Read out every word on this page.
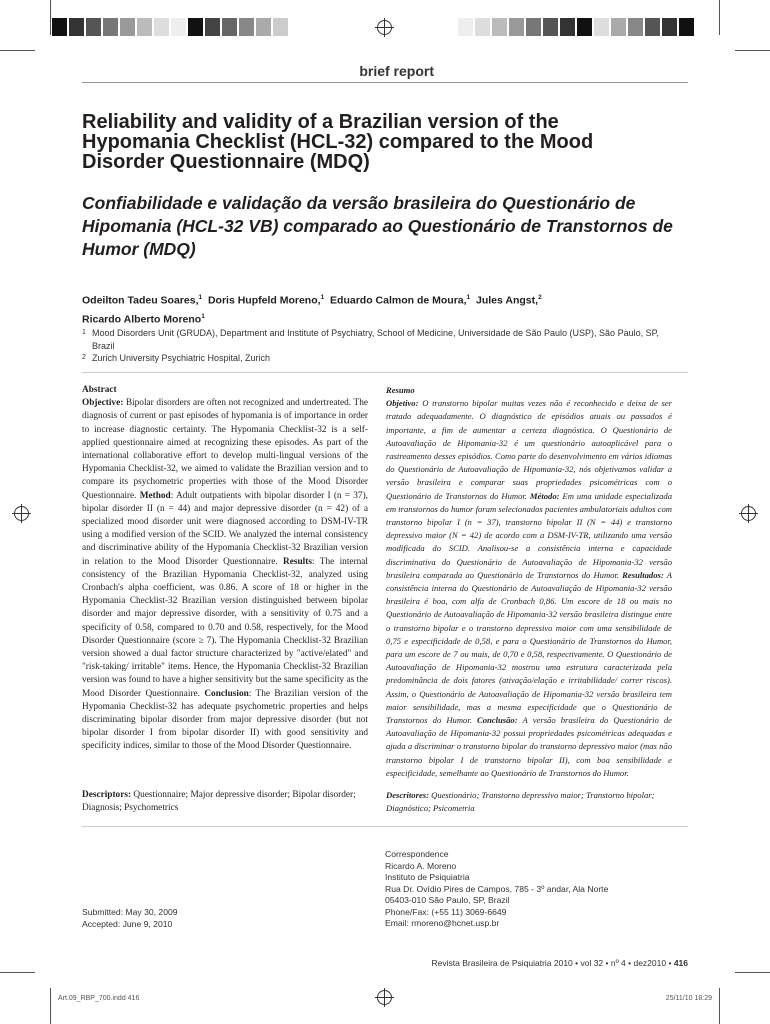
brief report
Reliability and validity of a Brazilian version of the Hypomania Checklist (HCL-32) compared to the Mood Disorder Questionnaire (MDQ)
Confiabilidade e validação da versão brasileira do Questionário de Hipomania (HCL-32 VB) comparado ao Questionário de Transtornos de Humor (MDQ)
Odeilton Tadeu Soares,$^1$ Doris Hupfeld Moreno,$^1$ Eduardo Calmon de Moura,$^1$ Jules Angst,$^2$
Ricardo Alberto Moreno$^1$
1 Mood Disorders Unit (GRUDA), Department and Institute of Psychiatry, School of Medicine, Universidade de São Paulo (USP), São Paulo, SP,
Brazil
2 Zurich University Psychiatric Hospital, Zurich
Abstract
Objective: Bipolar disorders are often not recognized and undertreated. The diagnosis of current or past episodes of hypomania is of importance in order to increase diagnostic certainty. The Hypomania Checklist-32 is a self-applied questionnaire aimed at recognizing these episodes. As part of the international collaborative effort to develop multi-lingual versions of the Hypomania Checklist-32, we aimed to validate the Brazilian version and to compare its psychometric properties with those of the Mood Disorder Questionnaire. Method: Adult outpatients with bipolar disorder I (n = 37), bipolar disorder II (n = 44) and major depressive disorder (n = 42) of a specialized mood disorder unit were diagnosed according to DSM-IV-TR using a modified version of the SCID. We analyzed the internal consistency and discriminative ability of the Hypomania Checklist-32 Brazilian version in relation to the Mood Disorder Questionnaire. Results: The internal consistency of the Brazilian Hypomania Checklist-32, analyzed using Cronbach's alpha coefficient, was 0.86. A score of 18 or higher in the Hypomania Checklist-32 Brazilian version distinguished between bipolar disorder and major depressive disorder, with a sensitivity of 0.75 and a specificity of 0.58, compared to 0.70 and 0.58, respectively, for the Mood Disorder Questionnaire (score ≥ 7). The Hypomania Checklist-32 Brazilian version showed a dual factor structure characterized by "active/elated" and "risk-taking/ irritable" items. Hence, the Hypomania Checklist-32 Brazilian version was found to have a higher sensitivity but the same specificity as the Mood Disorder Questionnaire. Conclusion: The Brazilian version of the Hypomania Checklist-32 has adequate psychometric properties and helps discriminating bipolar disorder from major depressive disorder (but not bipolar disorder I from bipolar disorder II) with good sensitivity and specificity indices, similar to those of the Mood Disorder Questionnaire.
Descriptors: Questionnaire; Major depressive disorder; Bipolar disorder; Diagnosis; Psychometrics
Resumo
Objetivo: O transtorno bipolar muitas vezes não é reconhecido e deixa de ser tratado adequadamente. O diagnóstico de episódios atuais ou passados é importante, a fim de aumentar a certeza diagnóstica. O Questionário de Autoavaliação de Hipomania-32 é um questionário autoaplicável para o rastreamento desses episódios. Como parte do desenvolvimento em vários idiomas do Questionário de Autoavaliação de Hipomania-32, nós objetivamos validar a versão brasileira e comparar suas propriedades psicométricas com o Questionário de Transtornos do Humor. Método: Em uma unidade especializada em transtornos do humor foram selecionados pacientes ambulatoriais adultos com transtorno bipolar I (n = 37), transtorno bipolar II (N = 44) e transtorno depressivo maior (N = 42) de acordo com a DSM-IV-TR, utilizando uma versão modificada do SCID. Analisou-se a consistência interna e capacidade discriminativa do Questionário de Autoavaliação de Hipomania-32 versão brasileira comparada ao Questionário de Transtornos do Humor. Resultados: A consistência interna do Questionário de Autoavaliação de Hipomania-32 versão brasileira é boa, com alfa de Cronbach 0,86. Um escore de 18 ou mais no Questionário de Autoavaliação de Hipomania-32 versão brasileira distingue entre o transtorno bipolar e o transtorno depressivo maior com uma sensibilidade de 0,75 e especificidade de 0,58, e para o Questionário de Transtornos do Humor, para um escore de 7 ou mais, de 0,70 e 0,58, respectivamente. O Questionário de Autoavaliação de Hipomania-32 mostrou uma estrutura caracterizada pela predominância de dois fatores (ativação/elação e irritabilidade/ correr riscos). Assim, o Questionário de Autoavaliação de Hipomania-32 versão brasileira tem maior sensibilidade, mas a mesma especificidade que o Questionário de Transtornos do Humor. Conclusão: A versão brasileira do Questionário de Autoavaliação de Hipomania-32 possui propriedades psicométricas adequadas e ajuda a discriminar o transtorno bipolar do transtorno depressivo maior (mas não transtorno bipolar I de transtorno bipolar II), com boa sensibilidade e especificidade, semelhante ao Questionário de Transtornos do Humor.
Descritores: Questionário; Transtorno depressivo maior; Transtorno bipolar; Diagnóstico; Psicometria
Submitted: May 30, 2009
Accepted: June 9, 2010
Correspondence
Ricardo A. Moreno
Instituto de Psiquiatria
Rua Dr. Ovídio Pires de Campos, 785 - 3º andar, Ala Norte
05403-010 São Paulo, SP, Brazil
Phone/Fax: (+55 11) 3069-6649
Email: rmoreno@hcnet.usp.br
Revista Brasileira de Psiquiatria 2010 • vol 32 • nº 4 • dez2010 • 416
Art.09_RBP_700.indd 416	25/11/10 18:29
